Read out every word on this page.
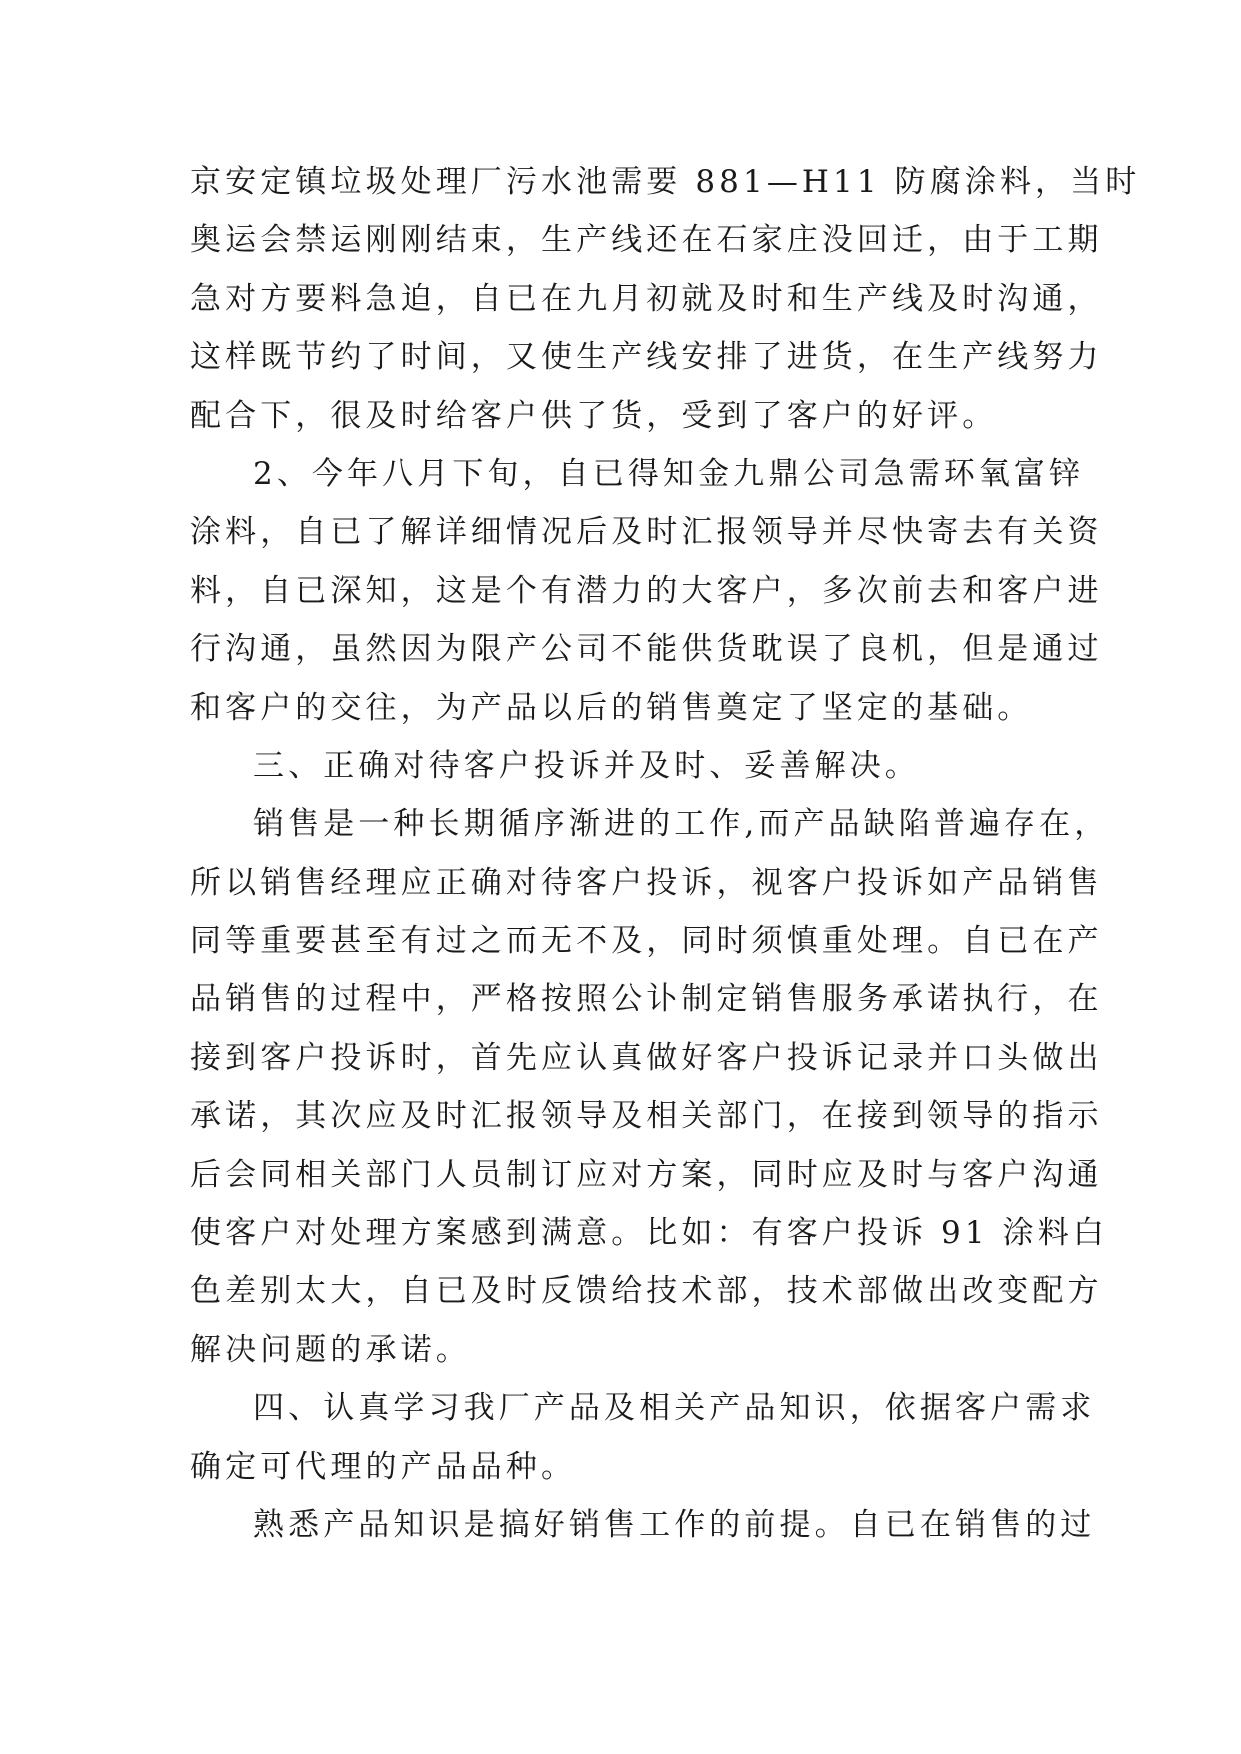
京安定镇垃圾处理厂污水池需要 881—H11 防腐涂料，当时
奥运会禁运刚刚结束，生产线还在石家庄没回迁，由于工期
急对方要料急迫，自已在九月初就及时和生产线及时沟通，
这样既节约了时间，又使生产线安排了进货，在生产线努力
配合下，很及时给客户供了货，受到了客户的好评。
2、今年八月下旬，自已得知金九鼎公司急需环氧富锌
涂料，自已了解详细情况后及时汇报领导并尽快寄去有关资
料，自已深知，这是个有潜力的大客户，多次前去和客户进
行沟通，虽然因为限产公司不能供货耽误了良机，但是通过
和客户的交往，为产品以后的销售奠定了坚定的基础。
三、正确对待客户投诉并及时、妥善解决。
销售是一种长期循序渐进的工作,而产品缺陷普遍存在，
所以销售经理应正确对待客户投诉，视客户投诉如产品销售
同等重要甚至有过之而无不及，同时须慎重处理。自已在产
品销售的过程中，严格按照公讣制定销售服务承诺执行，在
接到客户投诉时，首先应认真做好客户投诉记录并口头做出
承诺，其次应及时汇报领导及相关部门，在接到领导的指示
后会同相关部门人员制订应对方案，同时应及时与客户沟通
使客户对处理方案感到满意。比如：有客户投诉 91 涂料白
色差别太大，自已及时反馈给技术部，技术部做出改变配方
解决问题的承诺。
四、认真学习我厂产品及相关产品知识，依据客户需求
确定可代理的产品品种。
熟悉产品知识是搞好销售工作的前提。自已在销售的过
